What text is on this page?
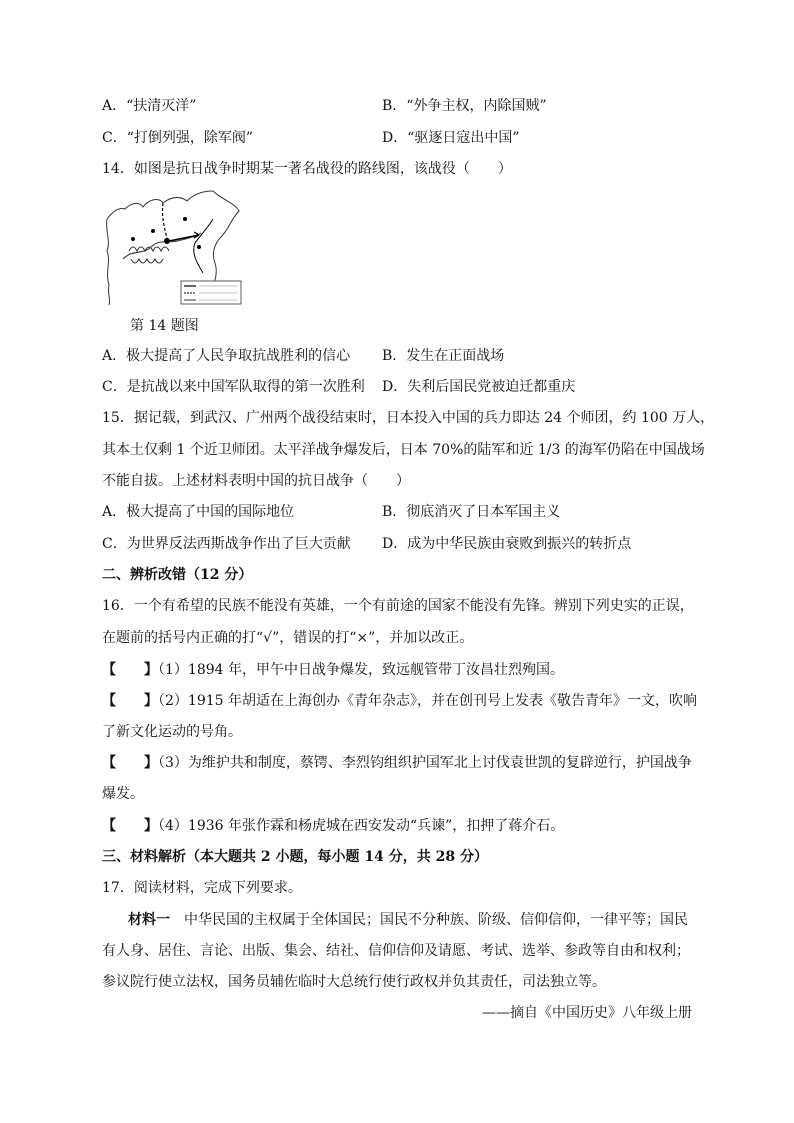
A．“扶清灭洋”	B．“外争主权，内除国贼”
C．“打倒列强，除军阀”	D．“驱逐日寇出中国”
14．如图是抗日战争时期某一著名战役的路线图，该战役（　　）
第 14 题图
A．极大提高了人民争取抗战胜利的信心 B．发生在正面战场
C．是抗战以来中国军队取得的第一次胜利 D．失利后国民党被迫迁都重庆
15．据记载，到武汉、广州两个战役结束时，日本投入中国的兵力即达 24 个师团，约 100 万人，
其本土仅剩 1 个近卫师团。太平洋战争爆发后，日本 70%的陆军和近 1/3 的海军仍陷在中国战场
不能自拔。上述材料表明中国的抗日战争（　　）
A．极大提高了中国的国际地位	B．彻底消灭了日本军国主义
C．为世界反法西斯战争作出了巨大贡献 D．成为中华民族由衰败到振兴的转折点
二、辨析改错（12 分）
16．一个有希望的民族不能没有英雄，一个有前途的国家不能没有先锋。辨别下列史实的正误，
在题前的括号内正确的打“√”，错误的打“×”，并加以改正。
【　　】（1）1894 年，甲午中日战争爆发，致远舰管带丁汝昌壮烈殉国。
【　　】（2）1915 年胡适在上海创办《青年杂志》，并在创刊号上发表《敬告青年》一文，吹响
了新文化运动的号角。
【　　】（3）为维护共和制度，蔡锷、李烈钧组织护国军北上讨伐袁世凯的复辟逆行，护国战争
爆发。
【　　】（4）1936 年张作霖和杨虎城在西安发动“兵谏”，扣押了蒋介石。
三、材料解析（本大题共 2 小题，每小题 14 分，共 28 分）
17．阅读材料，完成下列要求。
材料一　中华民国的主权属于全体国民；国民不分种族、阶级、信仰信仰，一律平等；国民
有人身、居住、言论、出版、集会、结社、信仰信仰及请愿、考试、选举、参政等自由和权利；
参议院行使立法权，国务员辅佐临时大总统行使行政权并负其责任，司法独立等。
——摘自《中国历史》八年级上册
